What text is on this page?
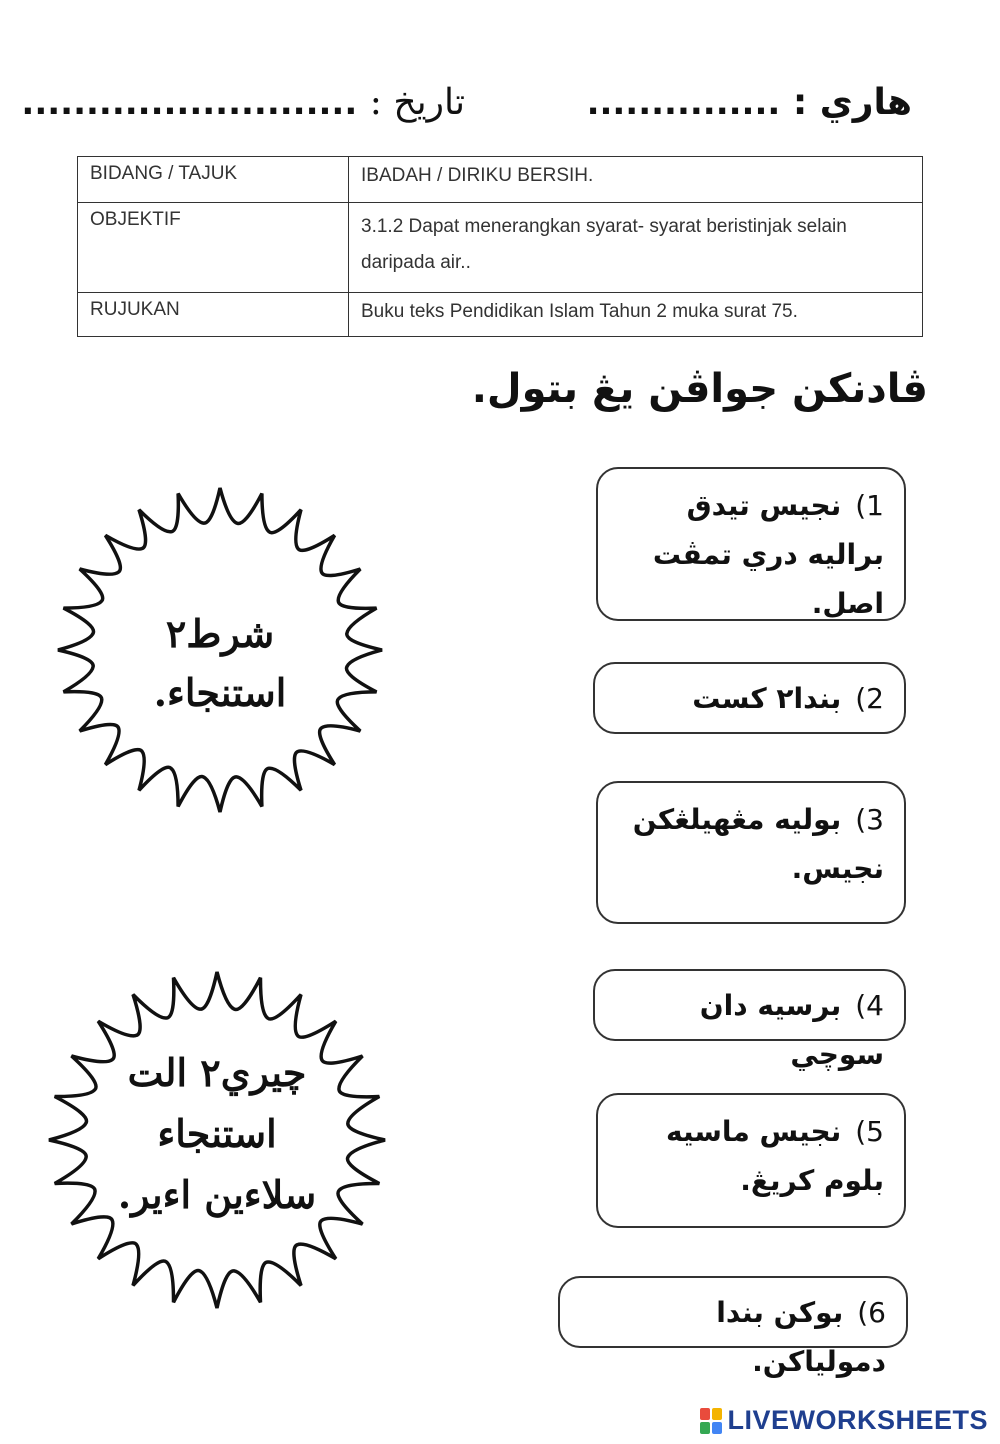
هاري : ...............
تاريخ : ..........................
BIDANG / TAJUK	IBADAH / DIRIKU BERSIH.
OBJEKTIF	3.1.2 Dapat menerangkan syarat- syarat beristinjak selain daripada air..
RUJUKAN	Buku teks Pendidikan Islam Tahun 2 muka surat 75.
ڤادنكن جواڤن يڠ بتول.
شرط٢
استنجاء.
چيري٢ الت
استنجاء
سلاءين اءير.
1)نجيس تيدق براليه دري تمڤت اصل.
2)بندا٢ كست
3)بوليه مڠهيلڠكن نجيس.
4)برسيه دان سوچي
5)نجيس ماسيه بلوم كريڠ.
6)بوكن بندا دمولياكن.
LIVEWORKSHEETS
